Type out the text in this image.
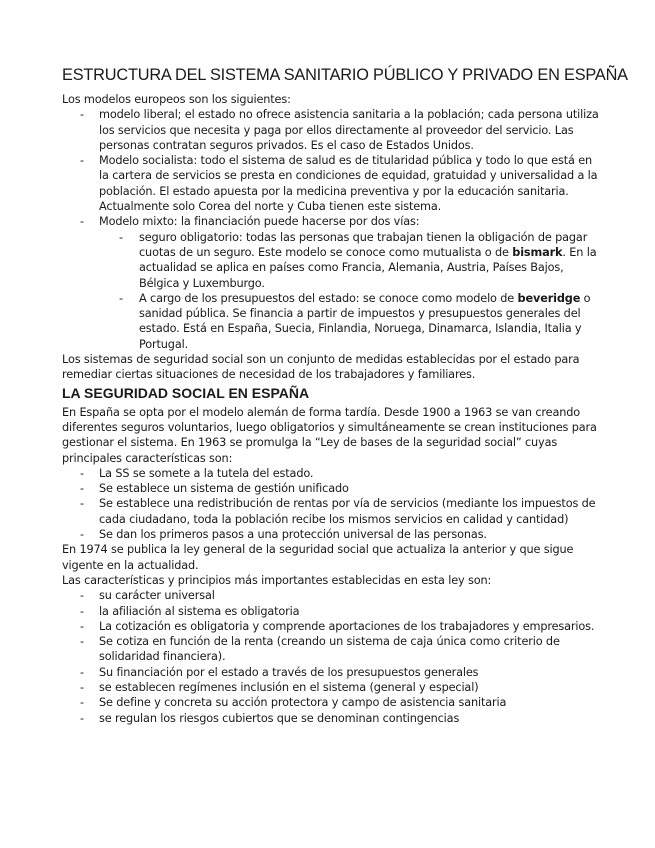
ESTRUCTURA DEL SISTEMA SANITARIO PÚBLICO Y PRIVADO EN ESPAÑA

Los modelos europeos son los siguientes:

- modelo liberal; el estado no ofrece asistencia sanitaria a la población; cada persona utiliza los servicios que necesita y paga por ellos directamente al proveedor del servicio. Las personas contratan seguros privados. Es el caso de Estados Unidos.
- Modelo socialista: todo el sistema de salud es de titularidad pública y todo lo que está en la cartera de servicios se presta en condiciones de equidad, gratuidad y universalidad a la población. El estado apuesta por la medicina preventiva y por la educación sanitaria. Actualmente solo Corea del norte y Cuba tienen este sistema.
- Modelo mixto: la financiación puede hacerse por dos vías:
- seguro obligatorio: todas las personas que trabajan tienen la obligación de pagar cuotas de un seguro. Este modelo se conoce como mutualista o de bismark. En la actualidad se aplica en países como Francia, Alemania, Austria, Países Bajos, Bélgica y Luxemburgo.
- A cargo de los presupuestos del estado: se conoce como modelo de beveridge o sanidad pública. Se financia a partir de impuestos y presupuestos generales del estado. Está en España, Suecia, Finlandia, Noruega, Dinamarca, Islandia, Italia y Portugal.

Los sistemas de seguridad social son un conjunto de medidas establecidas por el estado para remediar ciertas situaciones de necesidad de los trabajadores y familiares.

LA SEGURIDAD SOCIAL EN ESPAÑA

En España se opta por el modelo alemán de forma tardía. Desde 1900 a 1963 se van creando diferentes seguros voluntarios, luego obligatorios y simultáneamente se crean instituciones para gestionar el sistema. En 1963 se promulga la “Ley de bases de la seguridad social” cuyas principales características son:

- La SS se somete a la tutela del estado.
- Se establece un sistema de gestión unificado
- Se establece una redistribución de rentas por vía de servicios (mediante los impuestos de cada ciudadano, toda la población recibe los mismos servicios en calidad y cantidad)
- Se dan los primeros pasos a una protección universal de las personas.

En 1974 se publica la ley general de la seguridad social que actualiza la anterior y que sigue vigente en la actualidad.

Las características y principios más importantes establecidas en esta ley son:

- su carácter universal
- la afiliación al sistema es obligatoria
- La cotización es obligatoria y comprende aportaciones de los trabajadores y empresarios.
- Se cotiza en función de la renta (creando un sistema de caja única como criterio de solidaridad financiera).
- Su financiación por el estado a través de los presupuestos generales
- se establecen regímenes inclusión en el sistema (general y especial)
- Se define y concreta su acción protectora y campo de asistencia sanitaria
- se regulan los riesgos cubiertos que se denominan contingencias
